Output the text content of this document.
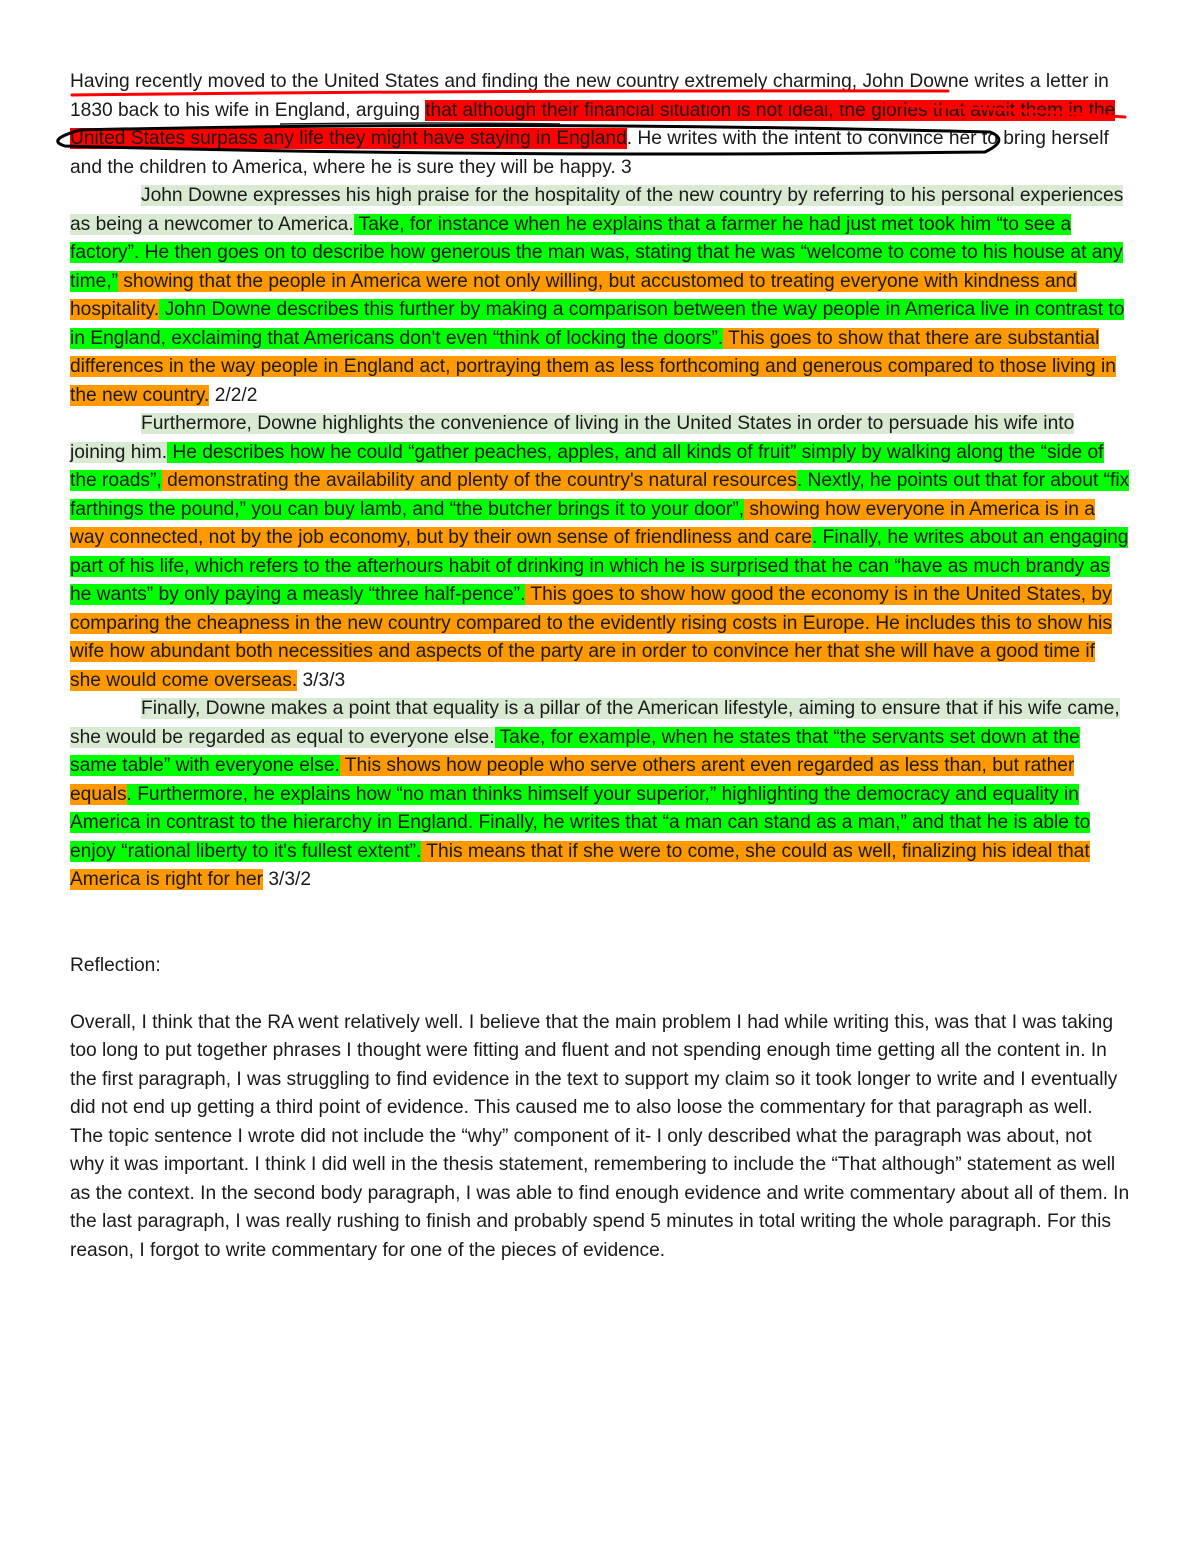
Having recently moved to the United States and finding the new country extremely charming, John Downe writes a letter in 1830 back to his wife in England, arguing that although their financial situation is not ideal, the glories that await them in the United States surpass any life they might have staying in England. He writes with the intent to convince her to bring herself and the children to America, where he is sure they will be happy. 3

John Downe expresses his high praise for the hospitality of the new country by referring to his personal experiences as being a newcomer to America. Take, for instance when he explains that a farmer he had just met took him “to see a factory”. He then goes on to describe how generous the man was, stating that he was “welcome to come to his house at any time,” showing that the people in America were not only willing, but accustomed to treating everyone with kindness and hospitality. John Downe describes this further by making a comparison between the way people in America live in contrast to in England, exclaiming that Americans don't even “think of locking the doors”. This goes to show that there are substantial differences in the way people in England act, portraying them as less forthcoming and generous compared to those living in the new country. 2/2/2

Furthermore, Downe highlights the convenience of living in the United States in order to persuade his wife into joining him. He describes how he could “gather peaches, apples, and all kinds of fruit” simply by walking along the “side of the roads”, demonstrating the availability and plenty of the country's natural resources. Nextly, he points out that for about “fix farthings the pound,” you can buy lamb, and “the butcher brings it to your door”, showing how everyone in America is in a way connected, not by the job economy, but by their own sense of friendliness and care. Finally, he writes about an engaging part of his life, which refers to the afterhours habit of drinking in which he is surprised that he can “have as much brandy as he wants” by only paying a measly “three half-pence”. This goes to show how good the economy is in the United States, by comparing the cheapness in the new country compared to the evidently rising costs in Europe. He includes this to show his wife how abundant both necessities and aspects of the party are in order to convince her that she will have a good time if she would come overseas. 3/3/3

Finally, Downe makes a point that equality is a pillar of the American lifestyle, aiming to ensure that if his wife came, she would be regarded as equal to everyone else. Take, for example, when he states that “the servants set down at the same table” with everyone else. This shows how people who serve others arent even regarded as less than, but rather equals. Furthermore, he explains how “no man thinks himself your superior,” highlighting the democracy and equality in America in contrast to the hierarchy in England. Finally, he writes that “a man can stand as a man,” and that he is able to enjoy “rational liberty to it's fullest extent”. This means that if she were to come, she could as well, finalizing his ideal that America is right for her 3/3/2

Reflection:

Overall, I think that the RA went relatively well. I believe that the main problem I had while writing this, was that I was taking too long to put together phrases I thought were fitting and fluent and not spending enough time getting all the content in. In the first paragraph, I was struggling to find evidence in the text to support my claim so it took longer to write and I eventually did not end up getting a third point of evidence. This caused me to also loose the commentary for that paragraph as well. The topic sentence I wrote did not include the “why” component of it- I only described what the paragraph was about, not why it was important. I think I did well in the thesis statement, remembering to include the “That although” statement as well as the context. In the second body paragraph, I was able to find enough evidence and write commentary about all of them. In the last paragraph, I was really rushing to finish and probably spend 5 minutes in total writing the whole paragraph. For this reason, I forgot to write commentary for one of the pieces of evidence.
